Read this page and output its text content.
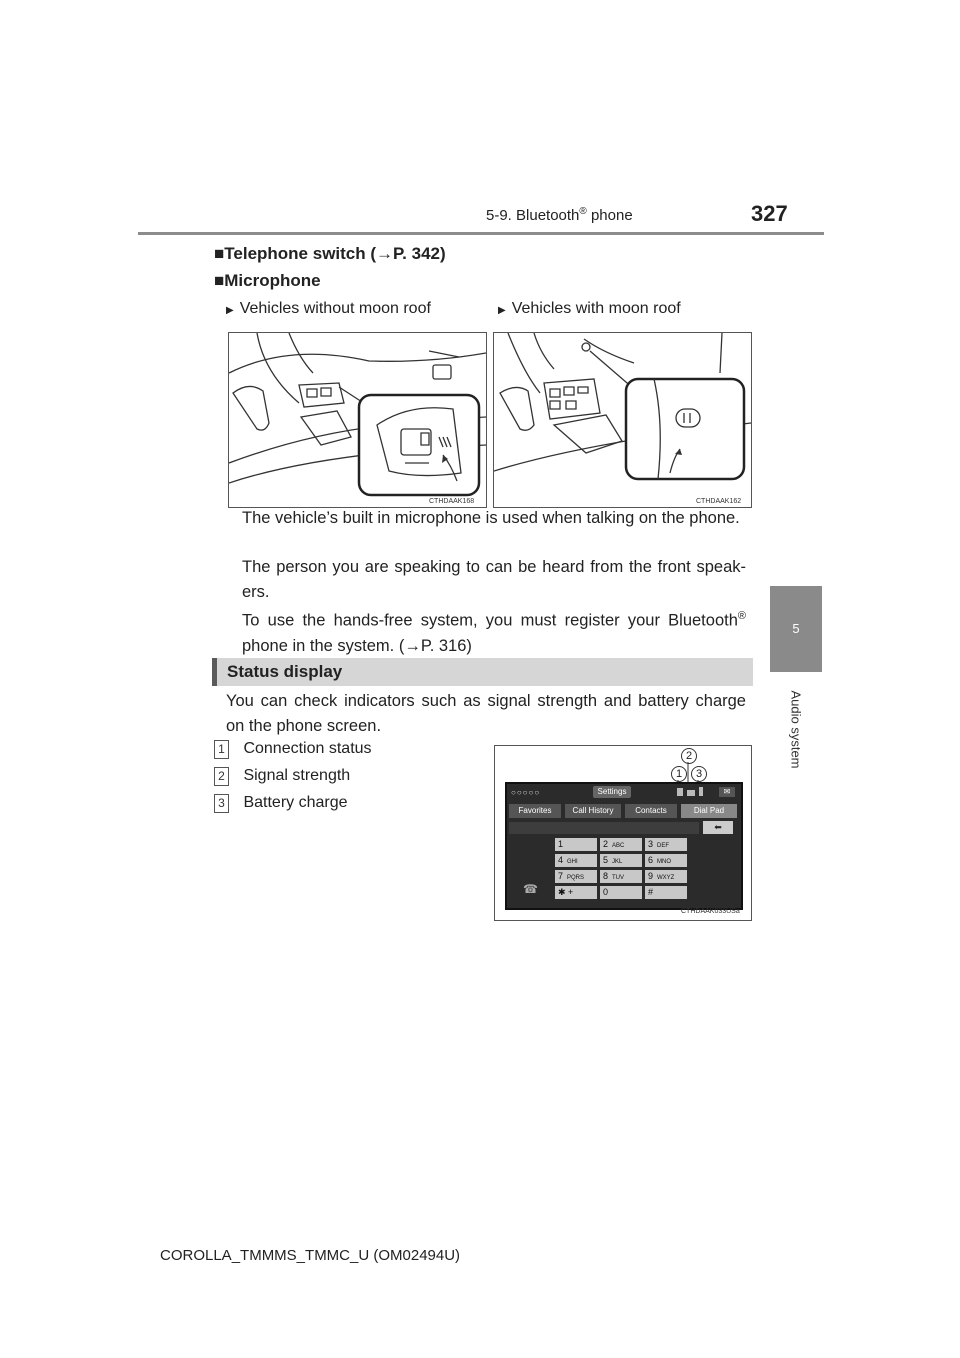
5-9. Bluetooth® phone	327
5
Audio system
■Telephone switch (→P. 342)
■Microphone
▶ Vehicles without moon roof	▶ Vehicles with moon roof
CTHDAAK168	CTHDAAK162
The vehicle’s built in microphone is used when talking on the phone.
The person you are speaking to can be heard from the front speak-ers.
To use the hands-free system, you must register your Bluetooth® phone in the system. (→P. 316)
Status display
You can check indicators such as signal strength and battery charge on the phone screen.
1 Connection status
2 Signal strength
3 Battery charge
2
1	3
○○○○○	Settings	✉
Favorites	Call History	Contacts	Dial Pad
⬅
1	2 ABC	3 DEF
4 GHI	5 JKL	6 MNO
7 PQRS	8 TUV	9 WXYZ
✱ +	0	#
☎
CTHDAAK033USa
COROLLA_TMMMS_TMMC_U (OM02494U)
